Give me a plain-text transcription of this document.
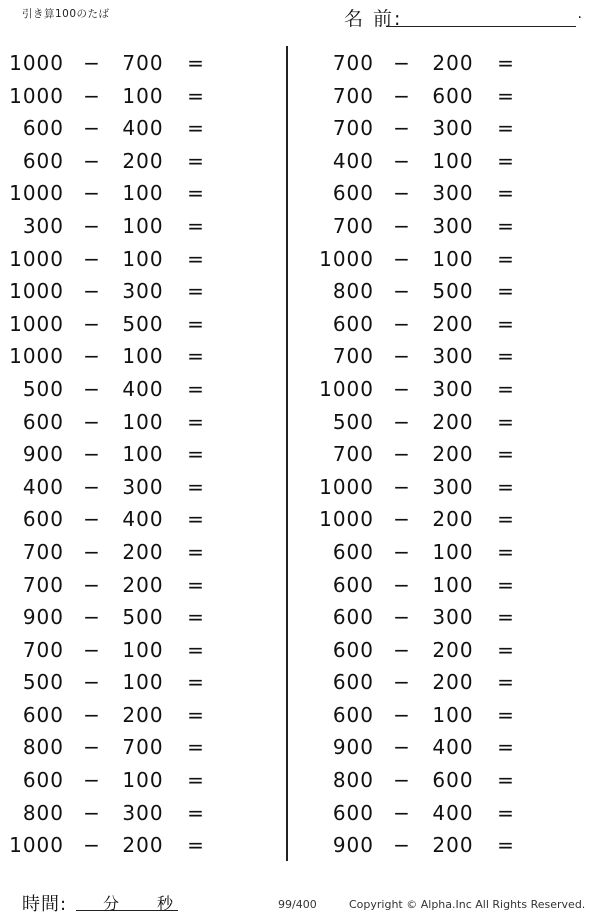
引き算100のたば	名 前:	.
1000 − 700 =
1000 − 100 =
600 − 400 =
600 − 200 =
1000 − 100 =
300 − 100 =
1000 − 100 =
1000 − 300 =
1000 − 500 =
1000 − 100 =
500 − 400 =
600 − 100 =
900 − 100 =
400 − 300 =
600 − 400 =
700 − 200 =
700 − 200 =
900 − 500 =
700 − 100 =
500 − 100 =
600 − 200 =
800 − 700 =
600 − 100 =
800 − 300 =
1000 − 200 =
700 − 200 =
700 − 600 =
700 − 300 =
400 − 100 =
600 − 300 =
700 − 300 =
1000 − 100 =
800 − 500 =
600 − 200 =
700 − 300 =
1000 − 300 =
500 − 200 =
700 − 200 =
1000 − 300 =
1000 − 200 =
600 − 100 =
600 − 100 =
600 − 300 =
600 − 200 =
600 − 200 =
600 − 100 =
900 − 400 =
800 − 600 =
600 − 400 =
900 − 200 =
時間: 分 秒	99/400	Copyright © Alpha.Inc All Rights Reserved.
